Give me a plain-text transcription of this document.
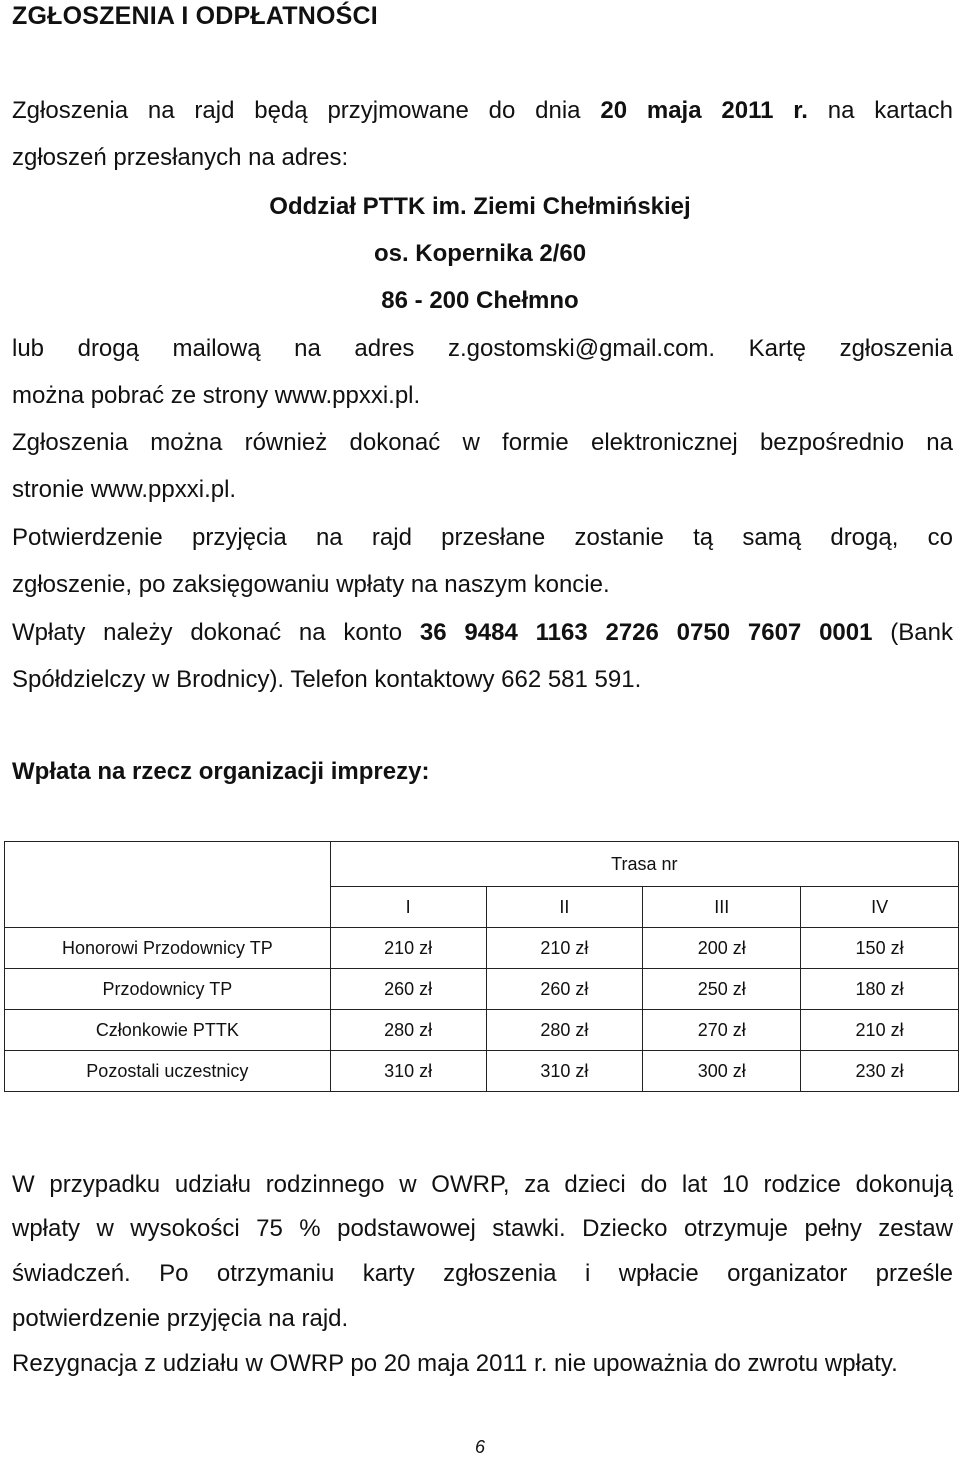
ZGŁOSZENIA I ODPŁATNOŚCI
Zgłoszenia na rajd będą przyjmowane do dnia 20 maja 2011 r. na kartach
zgłoszeń przesłanych na adres:
Oddział PTTK im. Ziemi Chełmińskiej
os. Kopernika 2/60
86 - 200 Chełmno
lub drogą mailową na adres z.gostomski@gmail.com. Kartę zgłoszenia
można pobrać ze strony www.ppxxi.pl.
Zgłoszenia można również dokonać w formie elektronicznej bezpośrednio na
stronie www.ppxxi.pl.
Potwierdzenie przyjęcia na rajd przesłane zostanie tą samą drogą, co
zgłoszenie, po zaksięgowaniu wpłaty na naszym koncie.
Wpłaty należy dokonać na konto 36 9484 1163 2726 0750 7607 0001 (Bank
Spółdzielczy w Brodnicy). Telefon kontaktowy 662 581 591.
Wpłata na rzecz organizacji imprezy:
	Trasa nr			
	I	II	III	IV
Honorowi Przodownicy TP	210 zł	210 zł	200 zł	150 zł
Przodownicy TP	260 zł	260 zł	250 zł	180 zł
Członkowie PTTK	280 zł	280 zł	270 zł	210 zł
Pozostali uczestnicy	310 zł	310 zł	300 zł	230 zł
W przypadku udziału rodzinnego w OWRP, za dzieci do lat 10 rodzice dokonują
wpłaty w wysokości 75 % podstawowej stawki. Dziecko otrzymuje pełny zestaw
świadczeń. Po otrzymaniu karty zgłoszenia i wpłacie organizator prześle
potwierdzenie przyjęcia na rajd.
Rezygnacja z udziału w OWRP po 20 maja 2011 r. nie upoważnia do zwrotu wpłaty.
6
